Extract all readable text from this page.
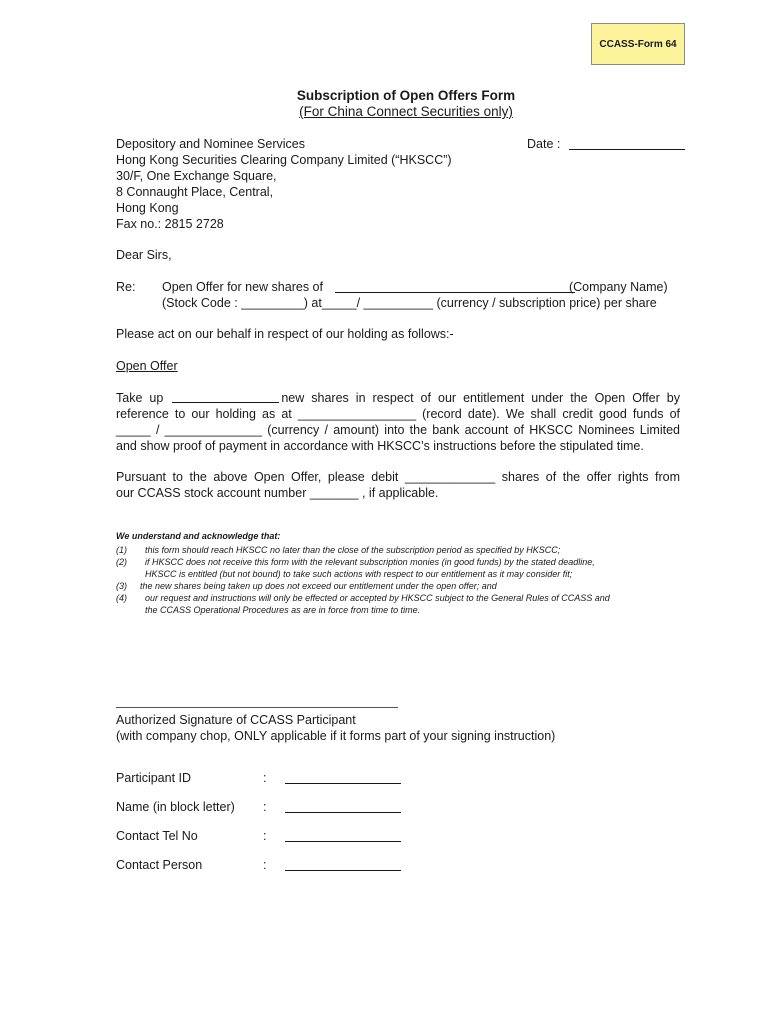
CCASS-Form 64
Subscription of Open Offers Form
(For China Connect Securities only)
Depository and Nominee Services
Hong Kong Securities Clearing Company Limited (“HKSCC”)
30/F, One Exchange Square,
8 Connaught Place, Central,
Hong Kong
Fax no.: 2815 2728
Date :
Dear Sirs,
Re: Open Offer for new shares of	(Company Name)
(Stock Code : _________) at_____/ __________ (currency / subscription price) per share
Please act on our behalf in respect of our holding as follows:-
Open Offer
Take up	new shares in respect of our entitlement under the Open Offer by
reference to our holding as at _________________ (record date). We shall credit good funds of
_____ / ______________ (currency / amount) into the bank account of HKSCC Nominees Limited
and show proof of payment in accordance with HKSCC’s instructions before the stipulated time.
Pursuant to the above Open Offer, please debit _____________ shares of the offer rights from
our CCASS stock account number _______ , if applicable.
We understand and acknowledge that:
(1) this form should reach HKSCC no later than the close of the subscription period as specified by HKSCC;
(2) if HKSCC does not receive this form with the relevant subscription monies (in good funds) by the stated deadline,
HKSCC is entitled (but not bound) to take such actions with respect to our entitlement as it may consider fit;
(3) the new shares being taken up does not exceed our entitlement under the open offer; and
(4) our request and instructions will only be effected or accepted by HKSCC subject to the General Rules of CCASS and
the CCASS Operational Procedures as are in force from time to time.
Authorized Signature of CCASS Participant
(with company chop, ONLY applicable if it forms part of your signing instruction)
Participant ID	:
Name (in block letter) :
Contact Tel No	:
Contact Person	:
